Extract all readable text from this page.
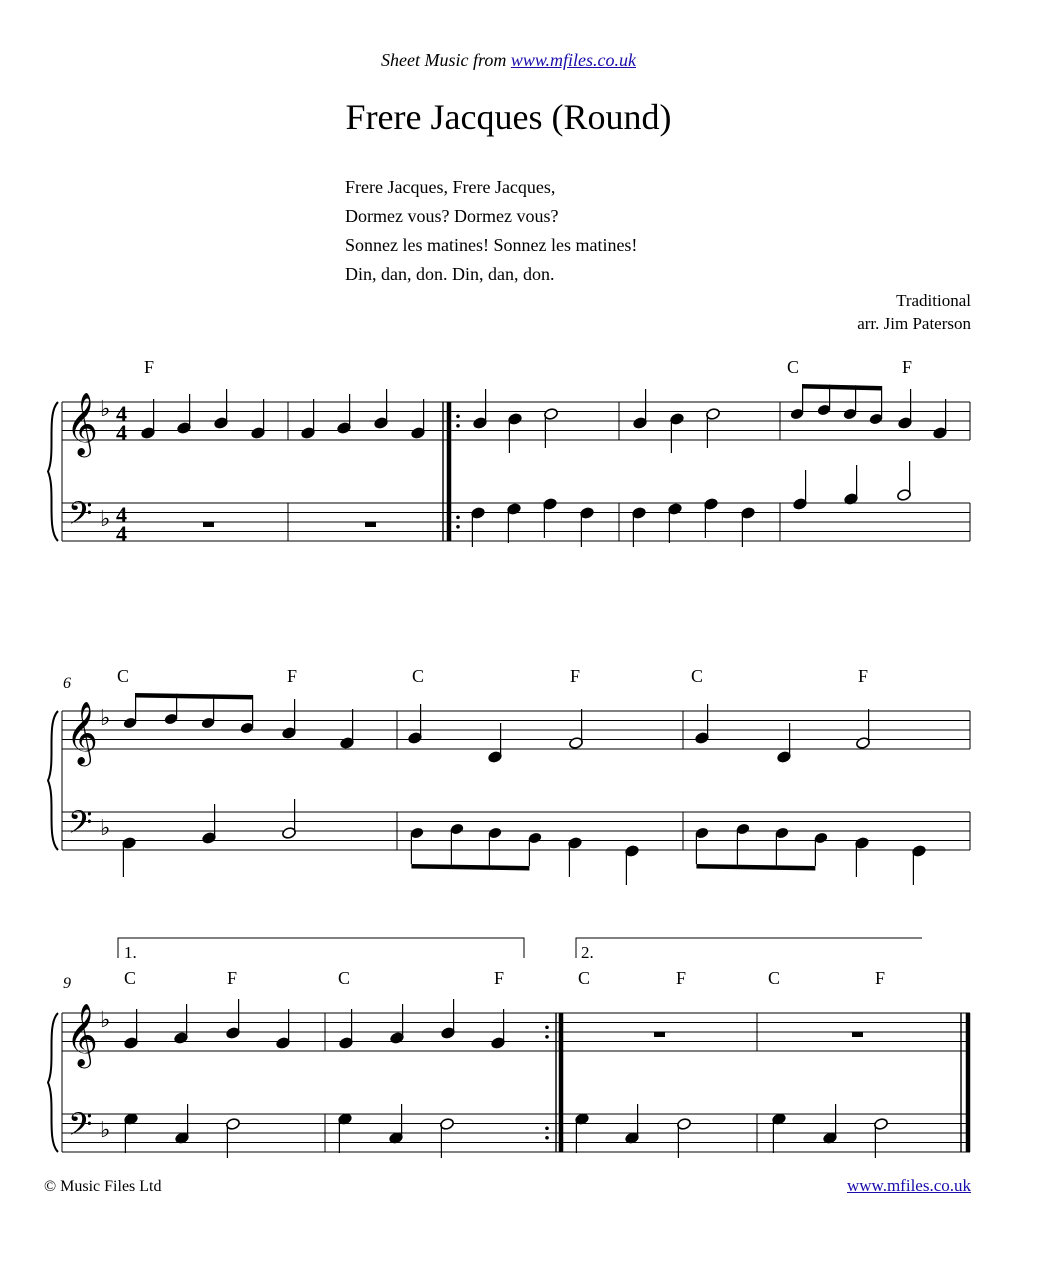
Sheet Music from www.mfiles.co.uk
Frere Jacques (Round)
Frere Jacques, Frere Jacques,
Dormez vous? Dormez vous?
Sonnez les matines! Sonnez les matines!
Din, dan, don. Din, dan, don.
Traditional
arr. Jim Paterson
𝄞
𝄢
♭
♭
4
4
4
4
𝄞
𝄢
♭
♭
𝄞
𝄢
♭
♭
F	C	F
6	C	F	C	F	C	F
9	C	F	C	F	C	F	C	F
1.	2.
© Music Files Ltd	www.mfiles.co.uk
